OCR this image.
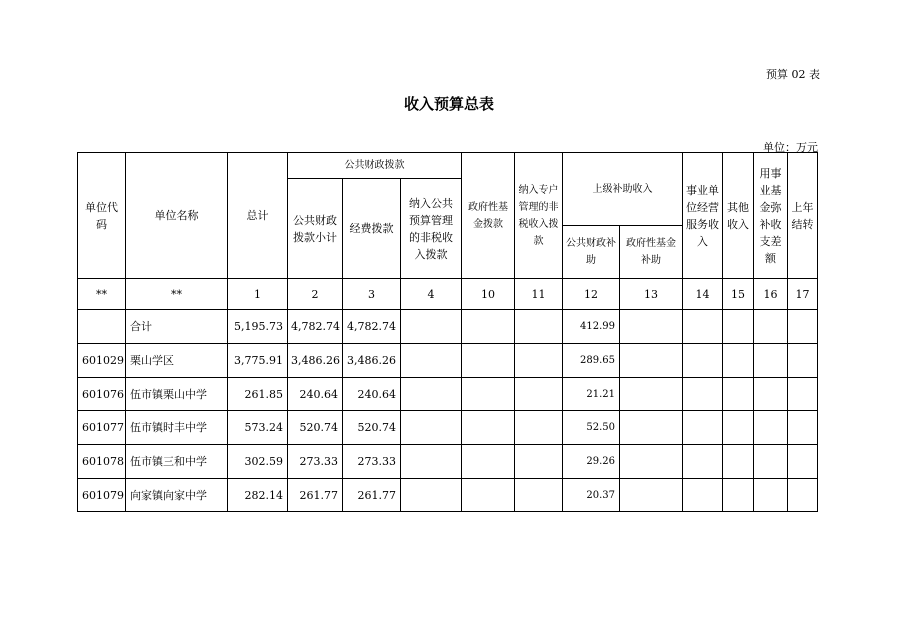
预算 02 表
收入预算总表
单位：万元
单位代码	单位名称	总计	公共财政拨款			政府性基金拨款	纳入专户管理的非税收入拨款	上级补助收入		事业单位经营服务收入	其他收入	用事业基金弥补收支差额	上年结转
			公共财政拨款小计	经费拨款	纳入公共预算管理的非税收入拨款								
								公共财政补助	政府性基金补助				
**	**	1	2	3	4	10	11	12	13	14	15	16	17
	合计	5,195.73	4,782.74	4,782.74				412.99					
601029	栗山学区	3,775.91	3,486.26	3,486.26				289.65					
601076	伍市镇栗山中学	261.85	240.64	240.64				21.21					
601077	伍市镇时丰中学	573.24	520.74	520.74				52.50					
601078	伍市镇三和中学	302.59	273.33	273.33				29.26					
601079	向家镇向家中学	282.14	261.77	261.77				20.37					
